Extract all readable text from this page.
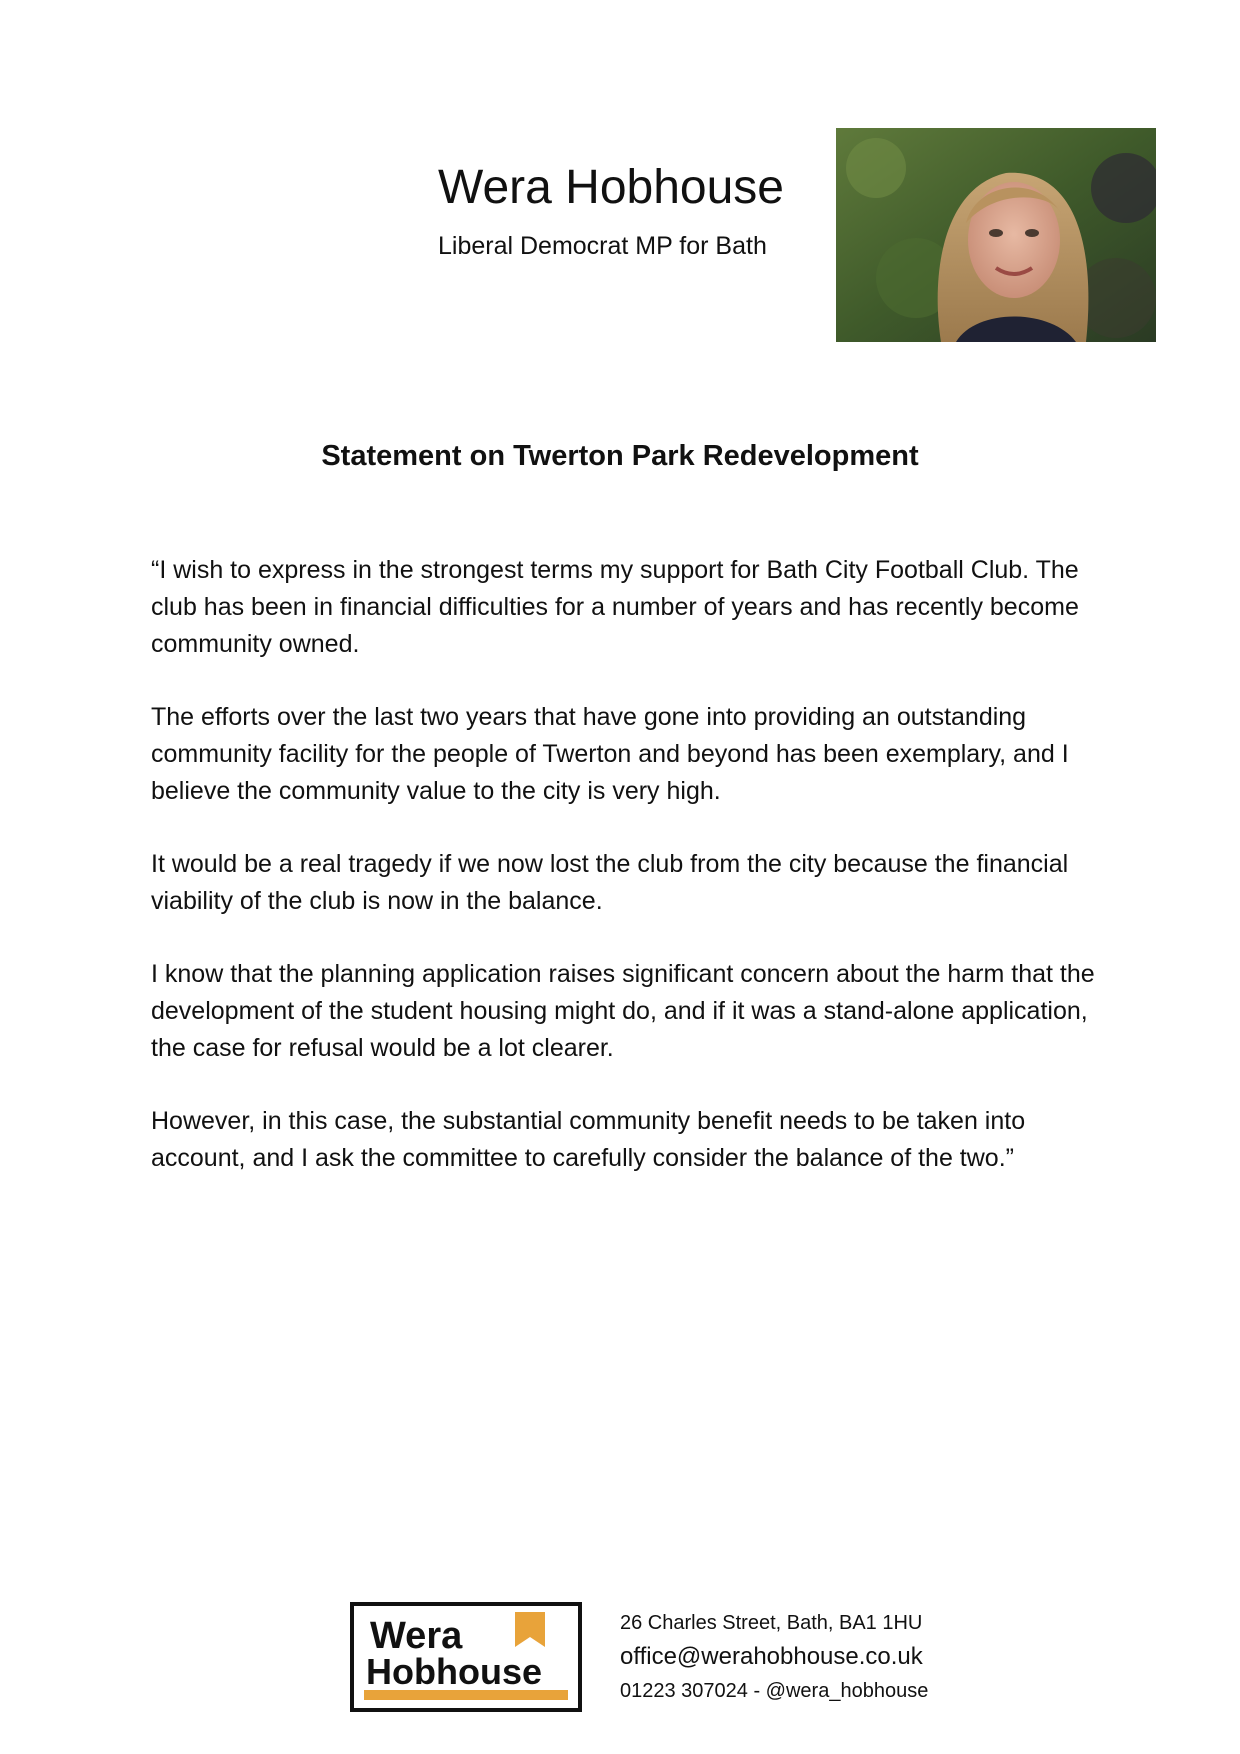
Wera Hobhouse
Liberal Democrat MP for Bath
Statement on Twerton Park Redevelopment

“I wish to express in the strongest terms my support for Bath City Football Club. The club has been in financial difficulties for a number of years and has recently become community owned.

The efforts over the last two years that have gone into providing an outstanding community facility for the people of Twerton and beyond has been exemplary, and I believe the community value to the city is very high.

It would be a real tragedy if we now lost the club from the city because the financial viability of the club is now in the balance.

I know that the planning application raises significant concern about the harm that the development of the student housing might do, and if it was a stand-alone application, the case for refusal would be a lot clearer.

However, in this case, the substantial community benefit needs to be taken into account, and I ask the committee to carefully consider the balance of the two.”

Wera
Hobhouse
26 Charles Street, Bath, BA1 1HU
office@werahobhouse.co.uk
01223 307024 - @wera_hobhouse
